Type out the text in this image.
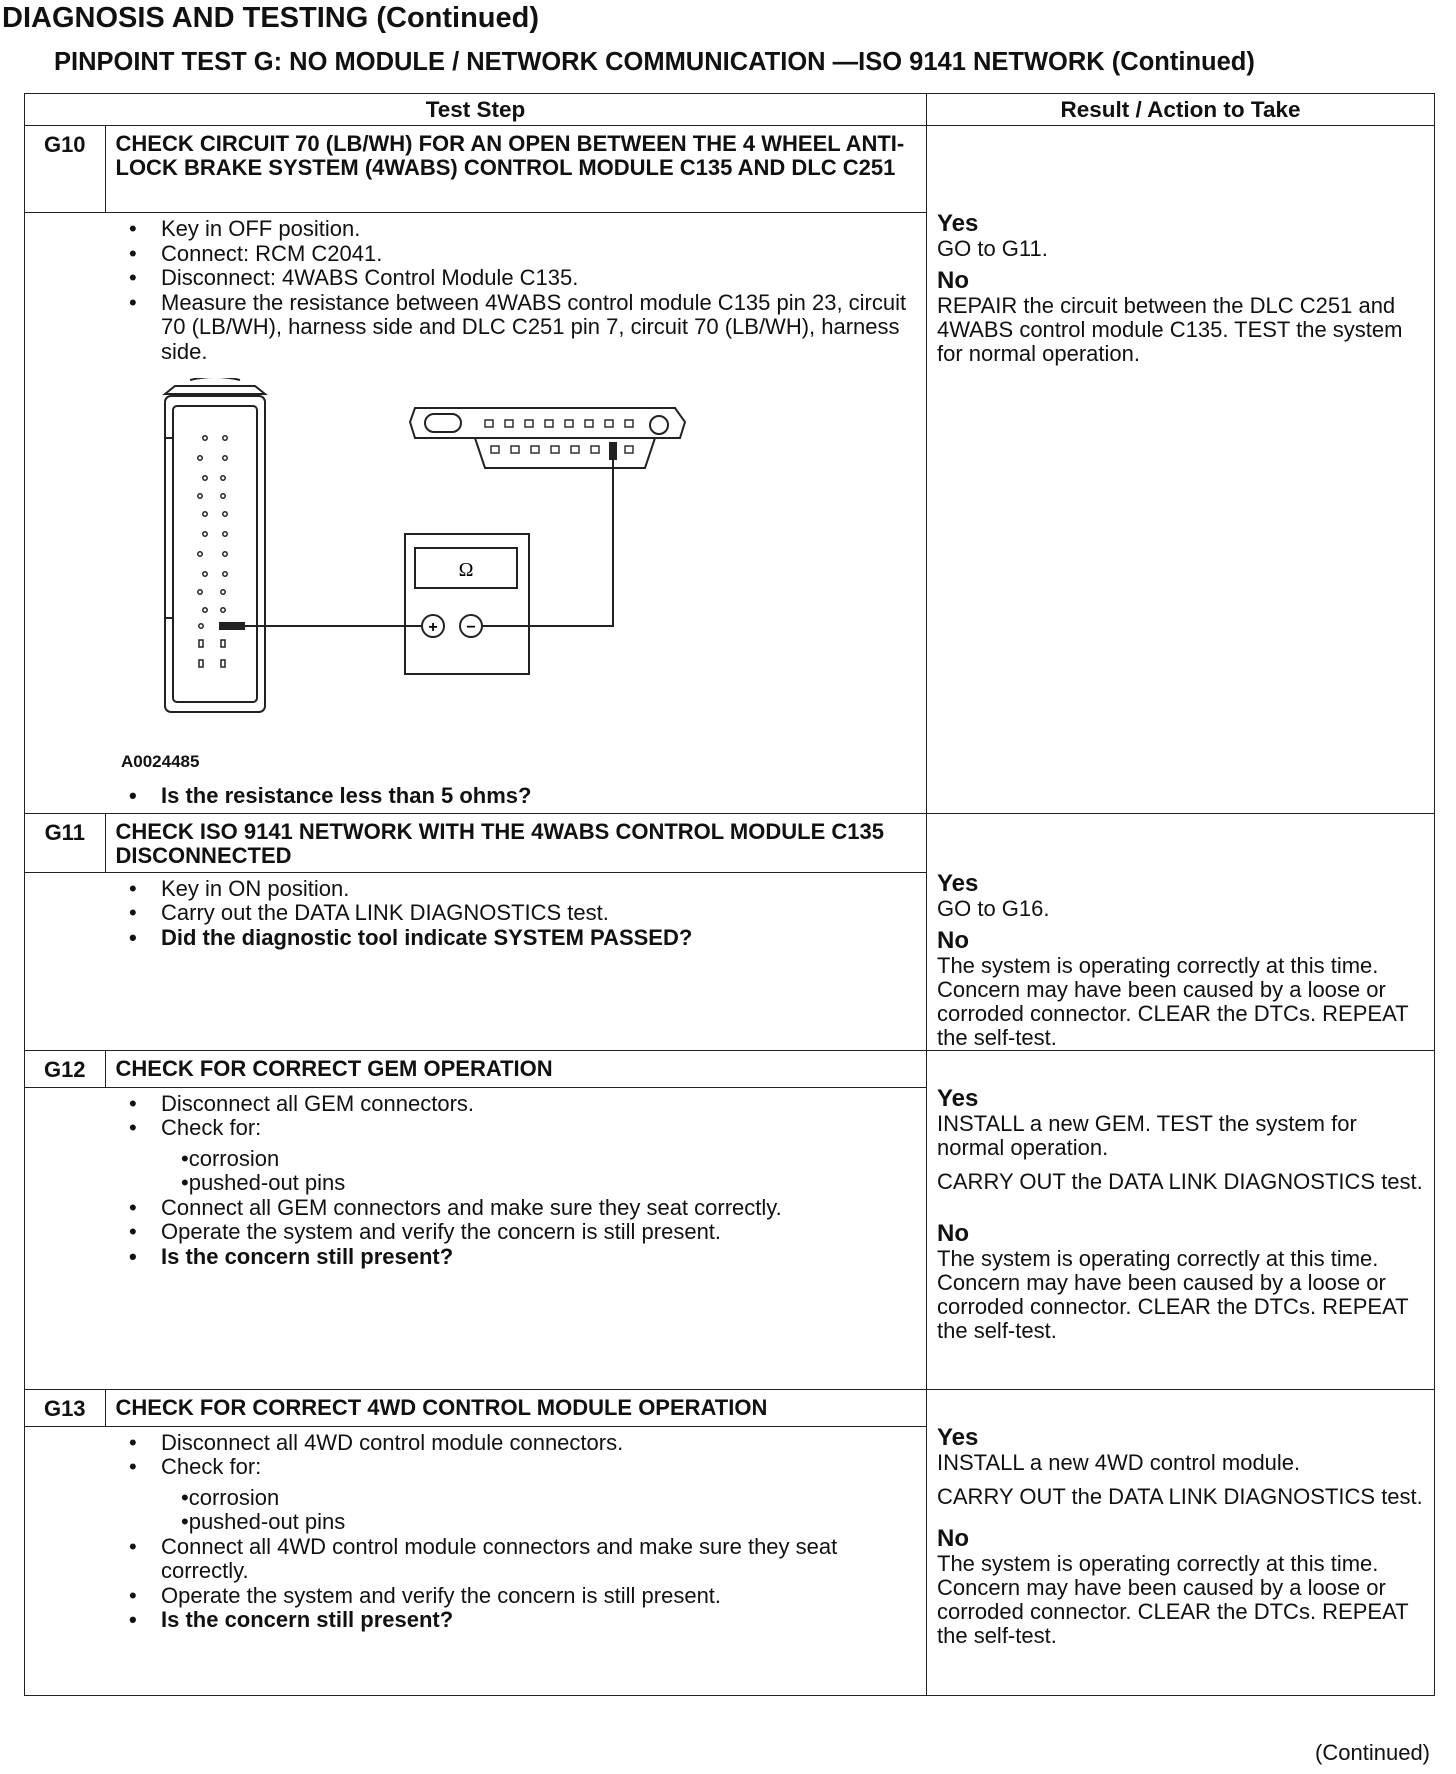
DIAGNOSIS AND TESTING (Continued)
PINPOINT TEST G: NO MODULE / NETWORK COMMUNICATION —ISO 9141 NETWORK (Continued)
Test Step	Result / Action to Take

G10	CHECK CIRCUIT 70 (LB/WH) FOR AN OPEN BETWEEN THE 4 WHEEL ANTI-LOCK BRAKE SYSTEM (4WABS) CONTROL MODULE C135 AND DLC C251

• Key in OFF position.
• Connect: RCM C2041.
• Disconnect: 4WABS Control Module C135.
• Measure the resistance between 4WABS control module C135 pin 23, circuit 70 (LB/WH), harness side and DLC C251 pin 7, circuit 70 (LB/WH), harness side.
Ω
+ −
A0024485
• Is the resistance less than 5 ohms?

Yes
GO to G11.
No
REPAIR the circuit between the DLC C251 and 4WABS control module C135. TEST the system for normal operation.

G11	CHECK ISO 9141 NETWORK WITH THE 4WABS CONTROL MODULE C135 DISCONNECTED

• Key in ON position.
• Carry out the DATA LINK DIAGNOSTICS test.
• Did the diagnostic tool indicate SYSTEM PASSED?

Yes
GO to G16.
No
The system is operating correctly at this time. Concern may have been caused by a loose or corroded connector. CLEAR the DTCs. REPEAT the self-test.

G12	CHECK FOR CORRECT GEM OPERATION

• Disconnect all GEM connectors.
• Check for:
• corrosion
• pushed-out pins
• Connect all GEM connectors and make sure they seat correctly.
• Operate the system and verify the concern is still present.
• Is the concern still present?

Yes
INSTALL a new GEM. TEST the system for normal operation.
CARRY OUT the DATA LINK DIAGNOSTICS test.
No
The system is operating correctly at this time. Concern may have been caused by a loose or corroded connector. CLEAR the DTCs. REPEAT the self-test.

G13	CHECK FOR CORRECT 4WD CONTROL MODULE OPERATION

• Disconnect all 4WD control module connectors.
• Check for:
• corrosion
• pushed-out pins
• Connect all 4WD control module connectors and make sure they seat correctly.
• Operate the system and verify the concern is still present.
• Is the concern still present?

Yes
INSTALL a new 4WD control module.
CARRY OUT the DATA LINK DIAGNOSTICS test.
No
The system is operating correctly at this time. Concern may have been caused by a loose or corroded connector. CLEAR the DTCs. REPEAT the self-test.
(Continued)
